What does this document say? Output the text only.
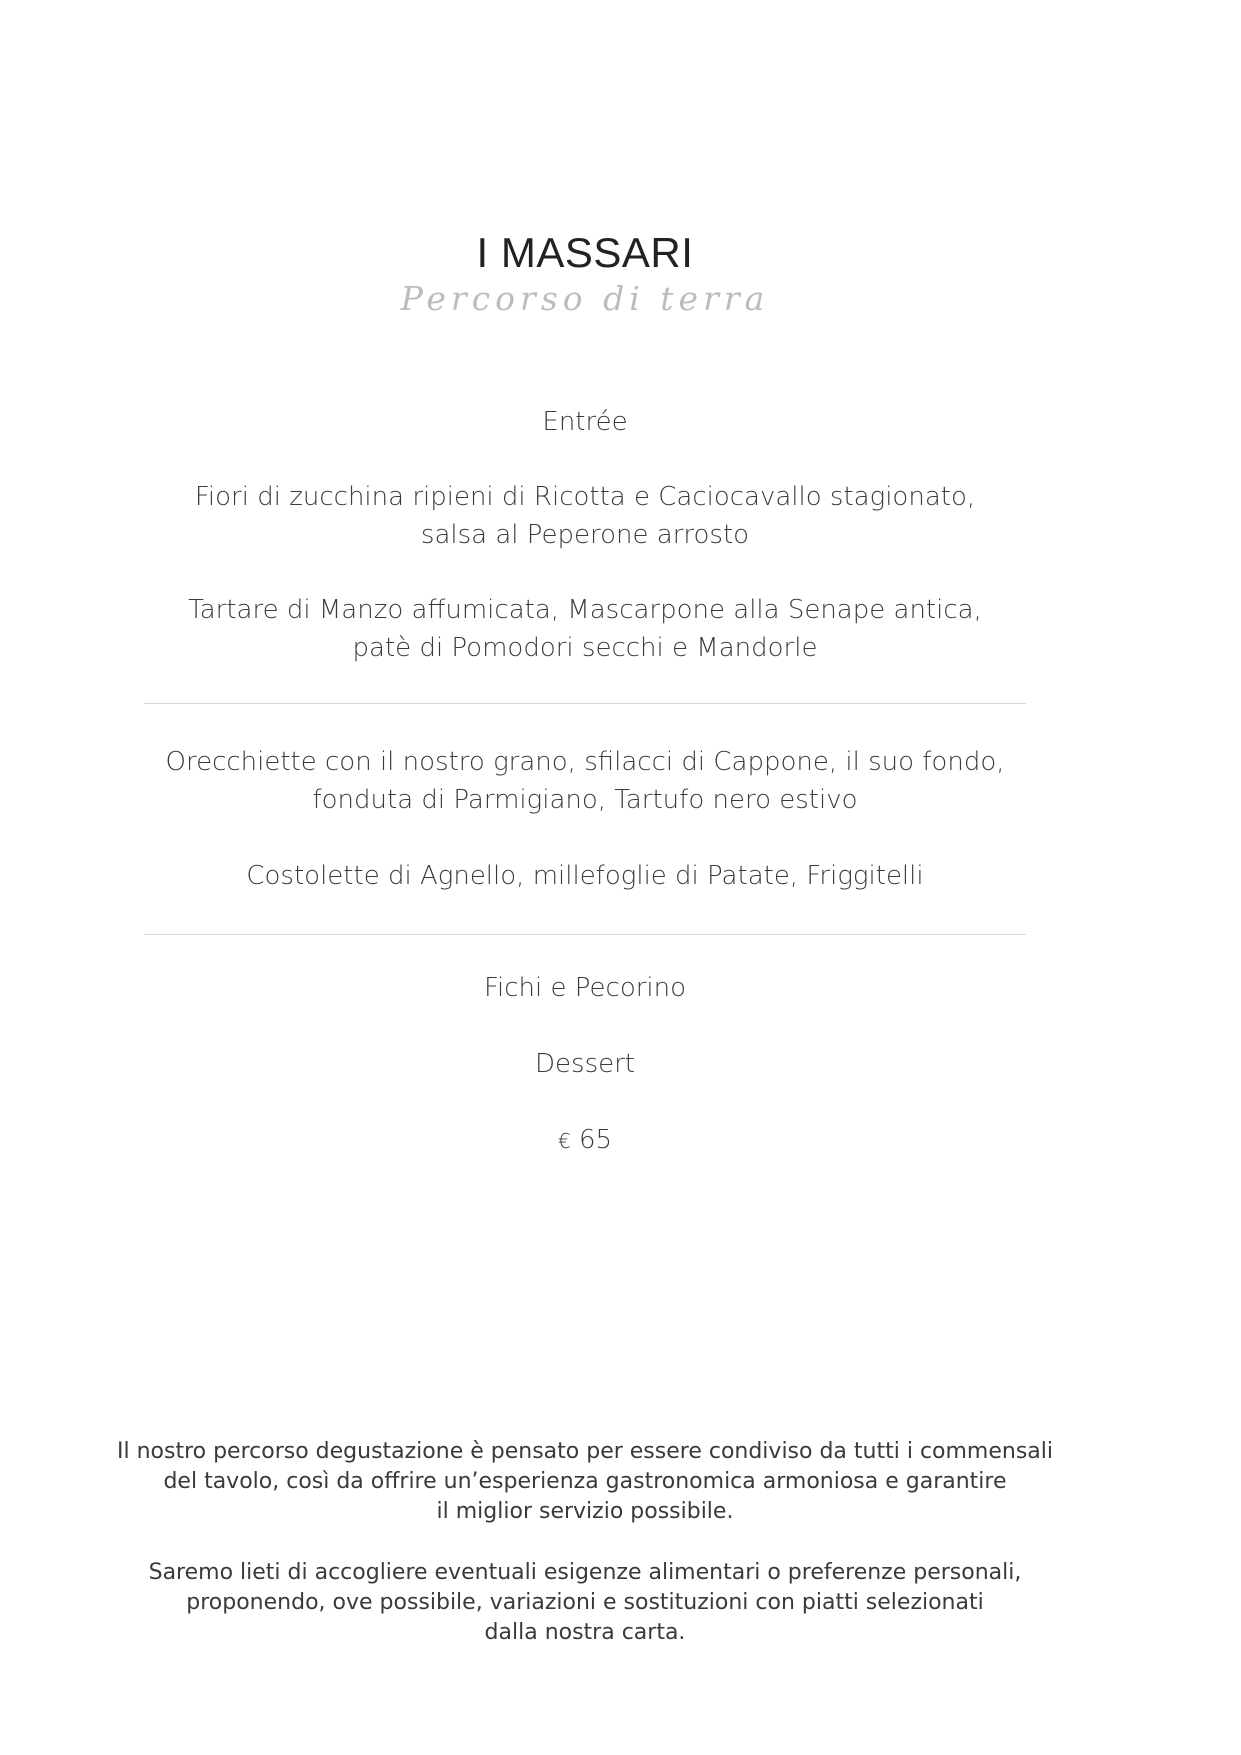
I MASSARI
Percorso di terra
Entrée
Fiori di zucchina ripieni di Ricotta e Caciocavallo stagionato,
salsa al Peperone arrosto
Tartare di Manzo affumicata, Mascarpone alla Senape antica,
patè di Pomodori secchi e Mandorle
Orecchiette con il nostro grano, sfilacci di Cappone, il suo fondo,
fonduta di Parmigiano, Tartufo nero estivo
Costolette di Agnello, millefoglie di Patate, Friggitelli
Fichi e Pecorino
Dessert
€ 65
Il nostro percorso degustazione è pensato per essere condiviso da tutti i commensali
del tavolo, così da offrire un’esperienza gastronomica armoniosa e garantire
il miglior servizio possibile.
Saremo lieti di accogliere eventuali esigenze alimentari o preferenze personali,
proponendo, ove possibile, variazioni e sostituzioni con piatti selezionati
dalla nostra carta.
